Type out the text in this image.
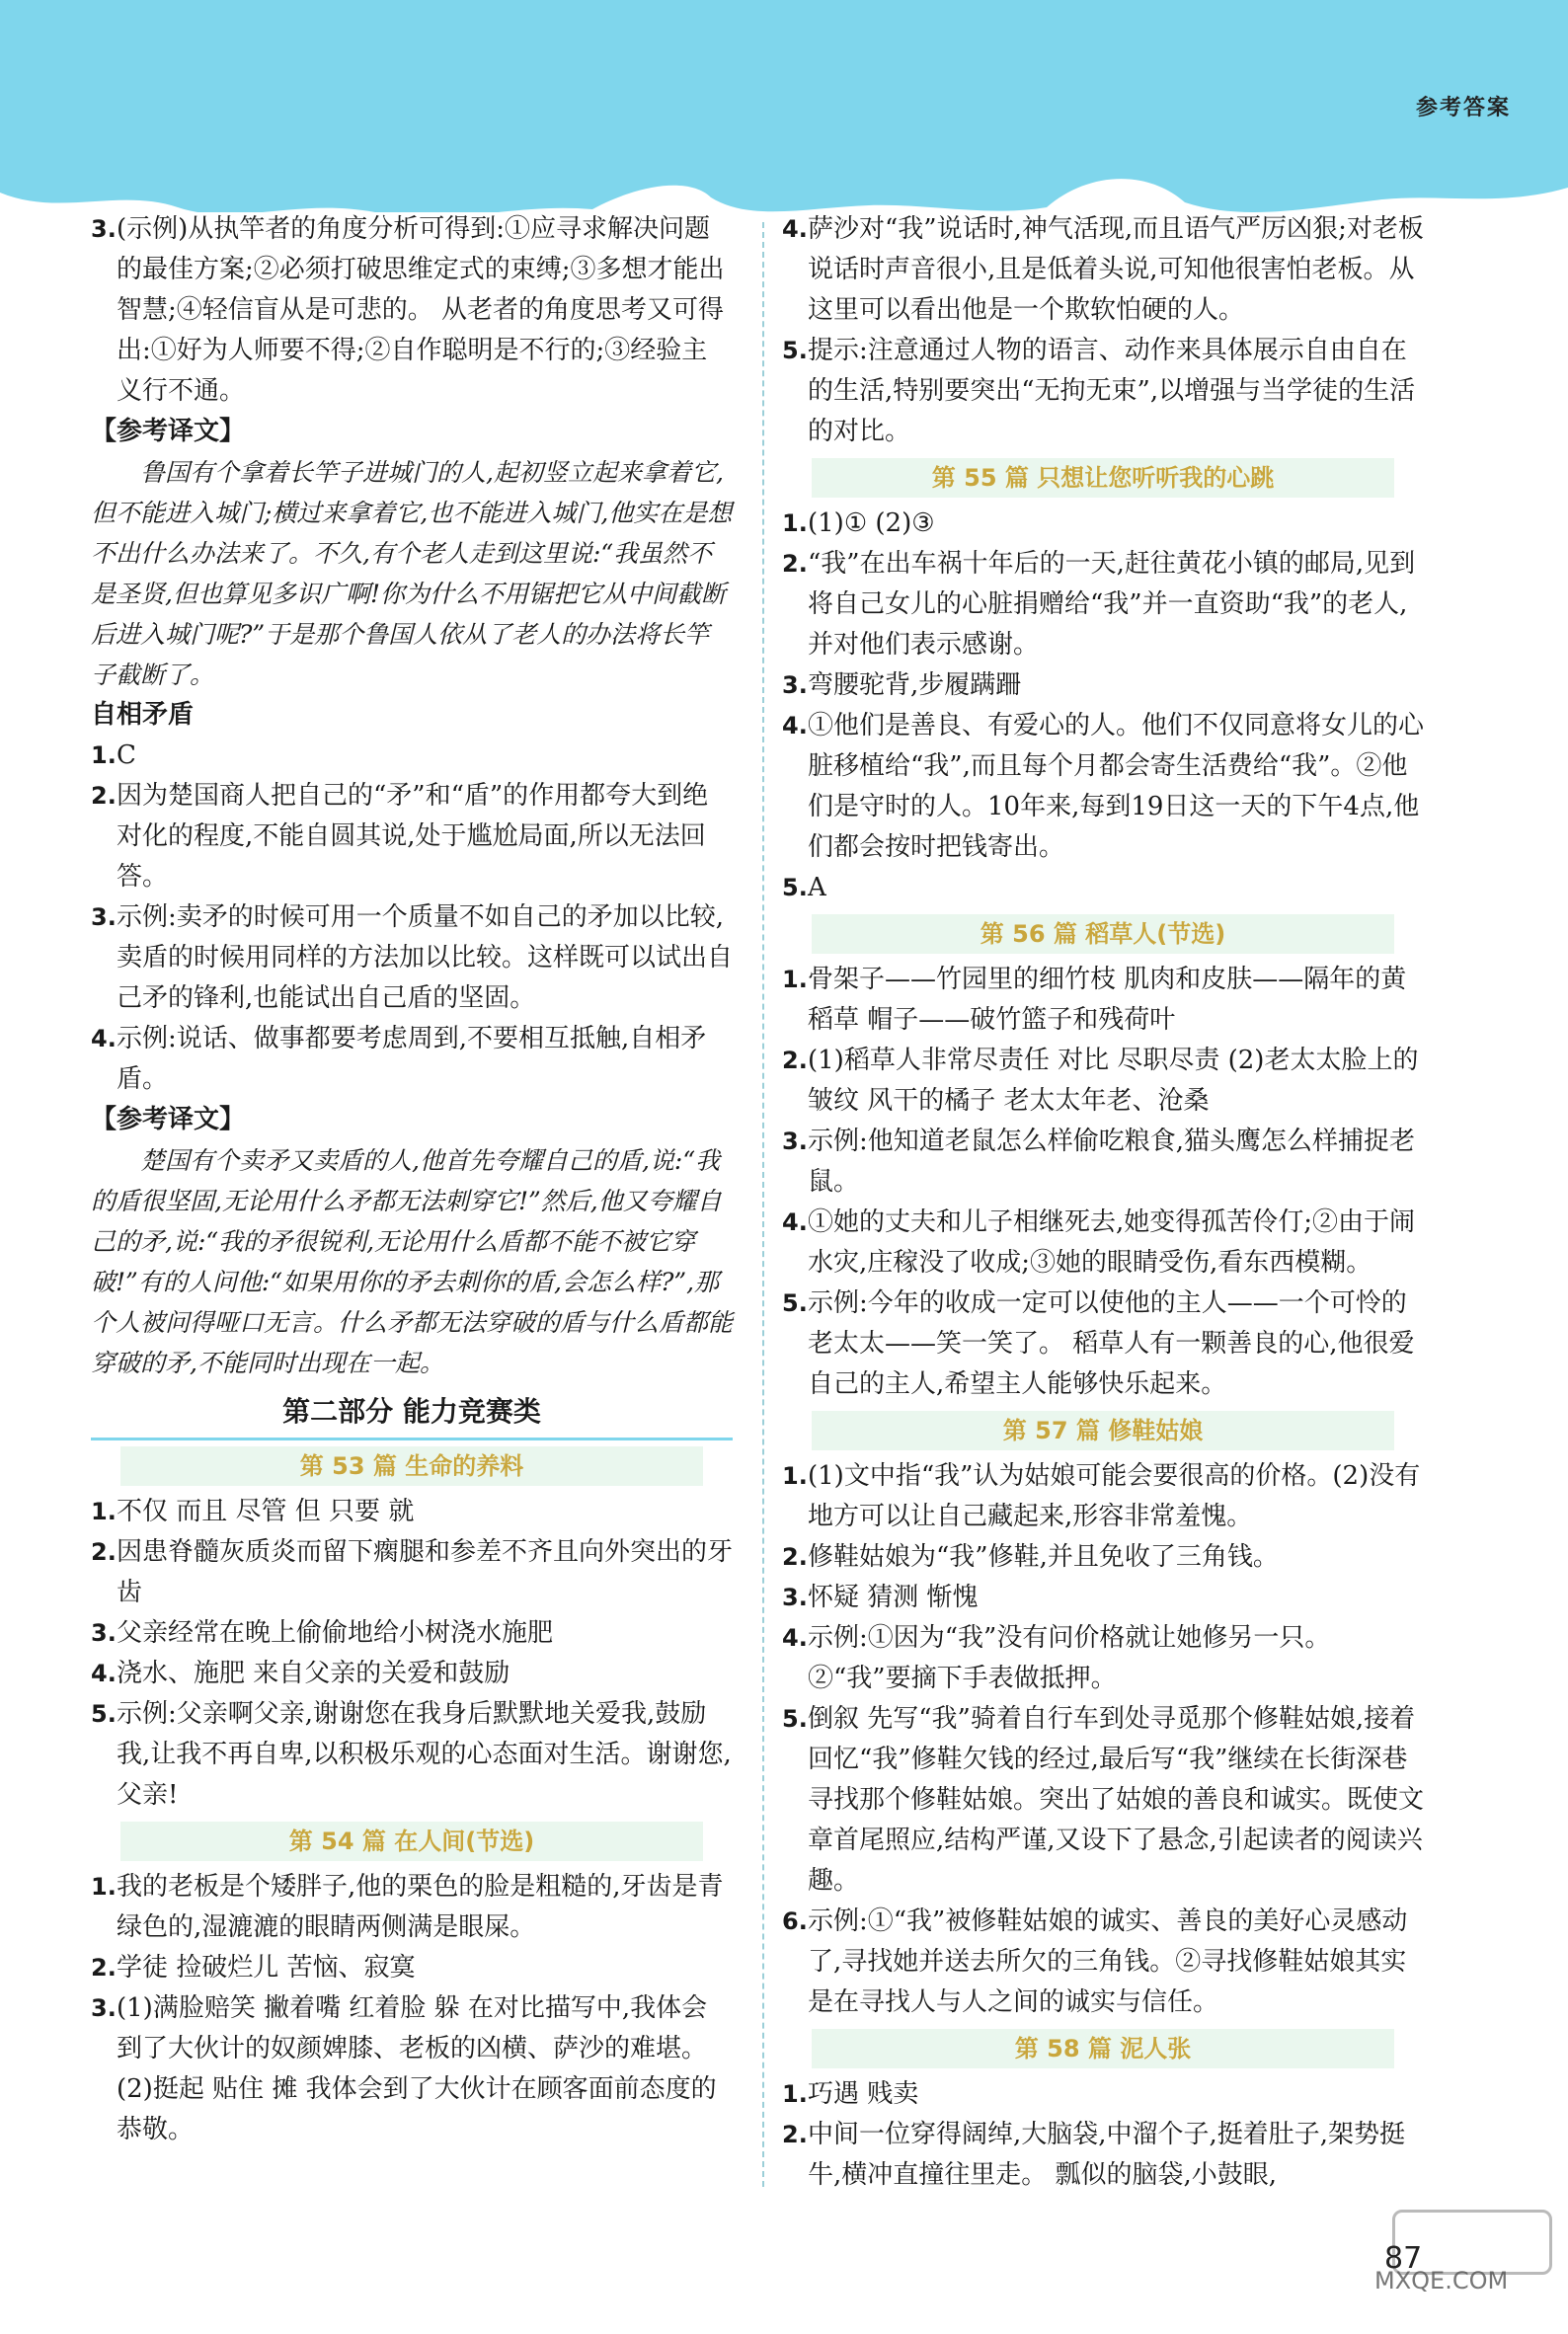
参考答案
3. (示例)从执竿者的角度分析可得到:①应寻求解决问题的最佳方案;②必须打破思维定式的束缚;③多想才能出智慧;④轻信盲从是可悲的。 从老者的角度思考又可得出:①好为人师要不得;②自作聪明是不行的;③经验主义行不通。
【参考译文】
鲁国有个拿着长竿子进城门的人,起初竖立起来拿着它,但不能进入城门;横过来拿着它,也不能进入城门,他实在是想不出什么办法来了。不久,有个老人走到这里说:“我虽然不是圣贤,但也算见多识广啊!你为什么不用锯把它从中间截断后进入城门呢?”于是那个鲁国人依从了老人的办法将长竿子截断了。
自相矛盾
1. C
2. 因为楚国商人把自己的“矛”和“盾”的作用都夸大到绝对化的程度,不能自圆其说,处于尴尬局面,所以无法回答。
3. 示例:卖矛的时候可用一个质量不如自己的矛加以比较,卖盾的时候用同样的方法加以比较。这样既可以试出自己矛的锋利,也能试出自己盾的坚固。
4. 示例:说话、做事都要考虑周到,不要相互抵触,自相矛盾。
【参考译文】
楚国有个卖矛又卖盾的人,他首先夸耀自己的盾,说:“我的盾很坚固,无论用什么矛都无法刺穿它!”然后,他又夸耀自己的矛,说:“我的矛很锐利,无论用什么盾都不能不被它穿破!”有的人问他:“如果用你的矛去刺你的盾,会怎么样?”,那个人被问得哑口无言。什么矛都无法穿破的盾与什么盾都能穿破的矛,不能同时出现在一起。
第二部分 能力竞赛类
第 53 篇 生命的养料
1. 不仅 而且 尽管 但 只要 就
2. 因患脊髓灰质炎而留下瘸腿和参差不齐且向外突出的牙齿
3. 父亲经常在晚上偷偷地给小树浇水施肥
4. 浇水、施肥 来自父亲的关爱和鼓励
5. 示例:父亲啊父亲,谢谢您在我身后默默地关爱我,鼓励我,让我不再自卑,以积极乐观的心态面对生活。谢谢您,父亲!
第 54 篇 在人间(节选)
1. 我的老板是个矮胖子,他的栗色的脸是粗糙的,牙齿是青绿色的,湿漉漉的眼睛两侧满是眼屎。
2. 学徒 捡破烂儿 苦恼、寂寞
3. (1)满脸赔笑 撇着嘴 红着脸 躲 在对比描写中,我体会到了大伙计的奴颜婢膝、老板的凶横、萨沙的难堪。 (2)挺起 贴住 摊 我体会到了大伙计在顾客面前态度的恭敬。
4. 萨沙对“我”说话时,神气活现,而且语气严厉凶狠;对老板说话时声音很小,且是低着头说,可知他很害怕老板。从这里可以看出他是一个欺软怕硬的人。
5. 提示:注意通过人物的语言、动作来具体展示自由自在的生活,特别要突出“无拘无束”,以增强与当学徒的生活的对比。
第 55 篇 只想让您听听我的心跳
1. (1)① (2)③
2. “我”在出车祸十年后的一天,赶往黄花小镇的邮局,见到将自己女儿的心脏捐赠给“我”并一直资助“我”的老人,并对他们表示感谢。
3. 弯腰驼背,步履蹒跚
4. ①他们是善良、有爱心的人。他们不仅同意将女儿的心脏移植给“我”,而且每个月都会寄生活费给“我”。②他们是守时的人。10年来,每到19日这一天的下午4点,他们都会按时把钱寄出。
5. A
第 56 篇 稻草人(节选)
1. 骨架子——竹园里的细竹枝 肌肉和皮肤——隔年的黄稻草 帽子——破竹篮子和残荷叶
2. (1)稻草人非常尽责任 对比 尽职尽责 (2)老太太脸上的皱纹 风干的橘子 老太太年老、沧桑
3. 示例:他知道老鼠怎么样偷吃粮食,猫头鹰怎么样捕捉老鼠。
4. ①她的丈夫和儿子相继死去,她变得孤苦伶仃;②由于闹水灾,庄稼没了收成;③她的眼睛受伤,看东西模糊。
5. 示例:今年的收成一定可以使他的主人——一个可怜的老太太——笑一笑了。 稻草人有一颗善良的心,他很爱自己的主人,希望主人能够快乐起来。
第 57 篇 修鞋姑娘
1. (1)文中指“我”认为姑娘可能会要很高的价格。(2)没有地方可以让自己藏起来,形容非常羞愧。
2. 修鞋姑娘为“我”修鞋,并且免收了三角钱。
3. 怀疑 猜测 惭愧
4. 示例:①因为“我”没有问价格就让她修另一只。②“我”要摘下手表做抵押。
5. 倒叙 先写“我”骑着自行车到处寻觅那个修鞋姑娘,接着回忆“我”修鞋欠钱的经过,最后写“我”继续在长街深巷寻找那个修鞋姑娘。突出了姑娘的善良和诚实。既使文章首尾照应,结构严谨,又设下了悬念,引起读者的阅读兴趣。
6. 示例:①“我”被修鞋姑娘的诚实、善良的美好心灵感动了,寻找她并送去所欠的三角钱。②寻找修鞋姑娘其实是在寻找人与人之间的诚实与信任。
第 58 篇 泥人张
1. 巧遇 贱卖
2. 中间一位穿得阔绰,大脑袋,中溜个子,挺着肚子,架势挺牛,横冲直撞往里走。 瓢似的脑袋,小鼓眼,
87
MXQE.COM
